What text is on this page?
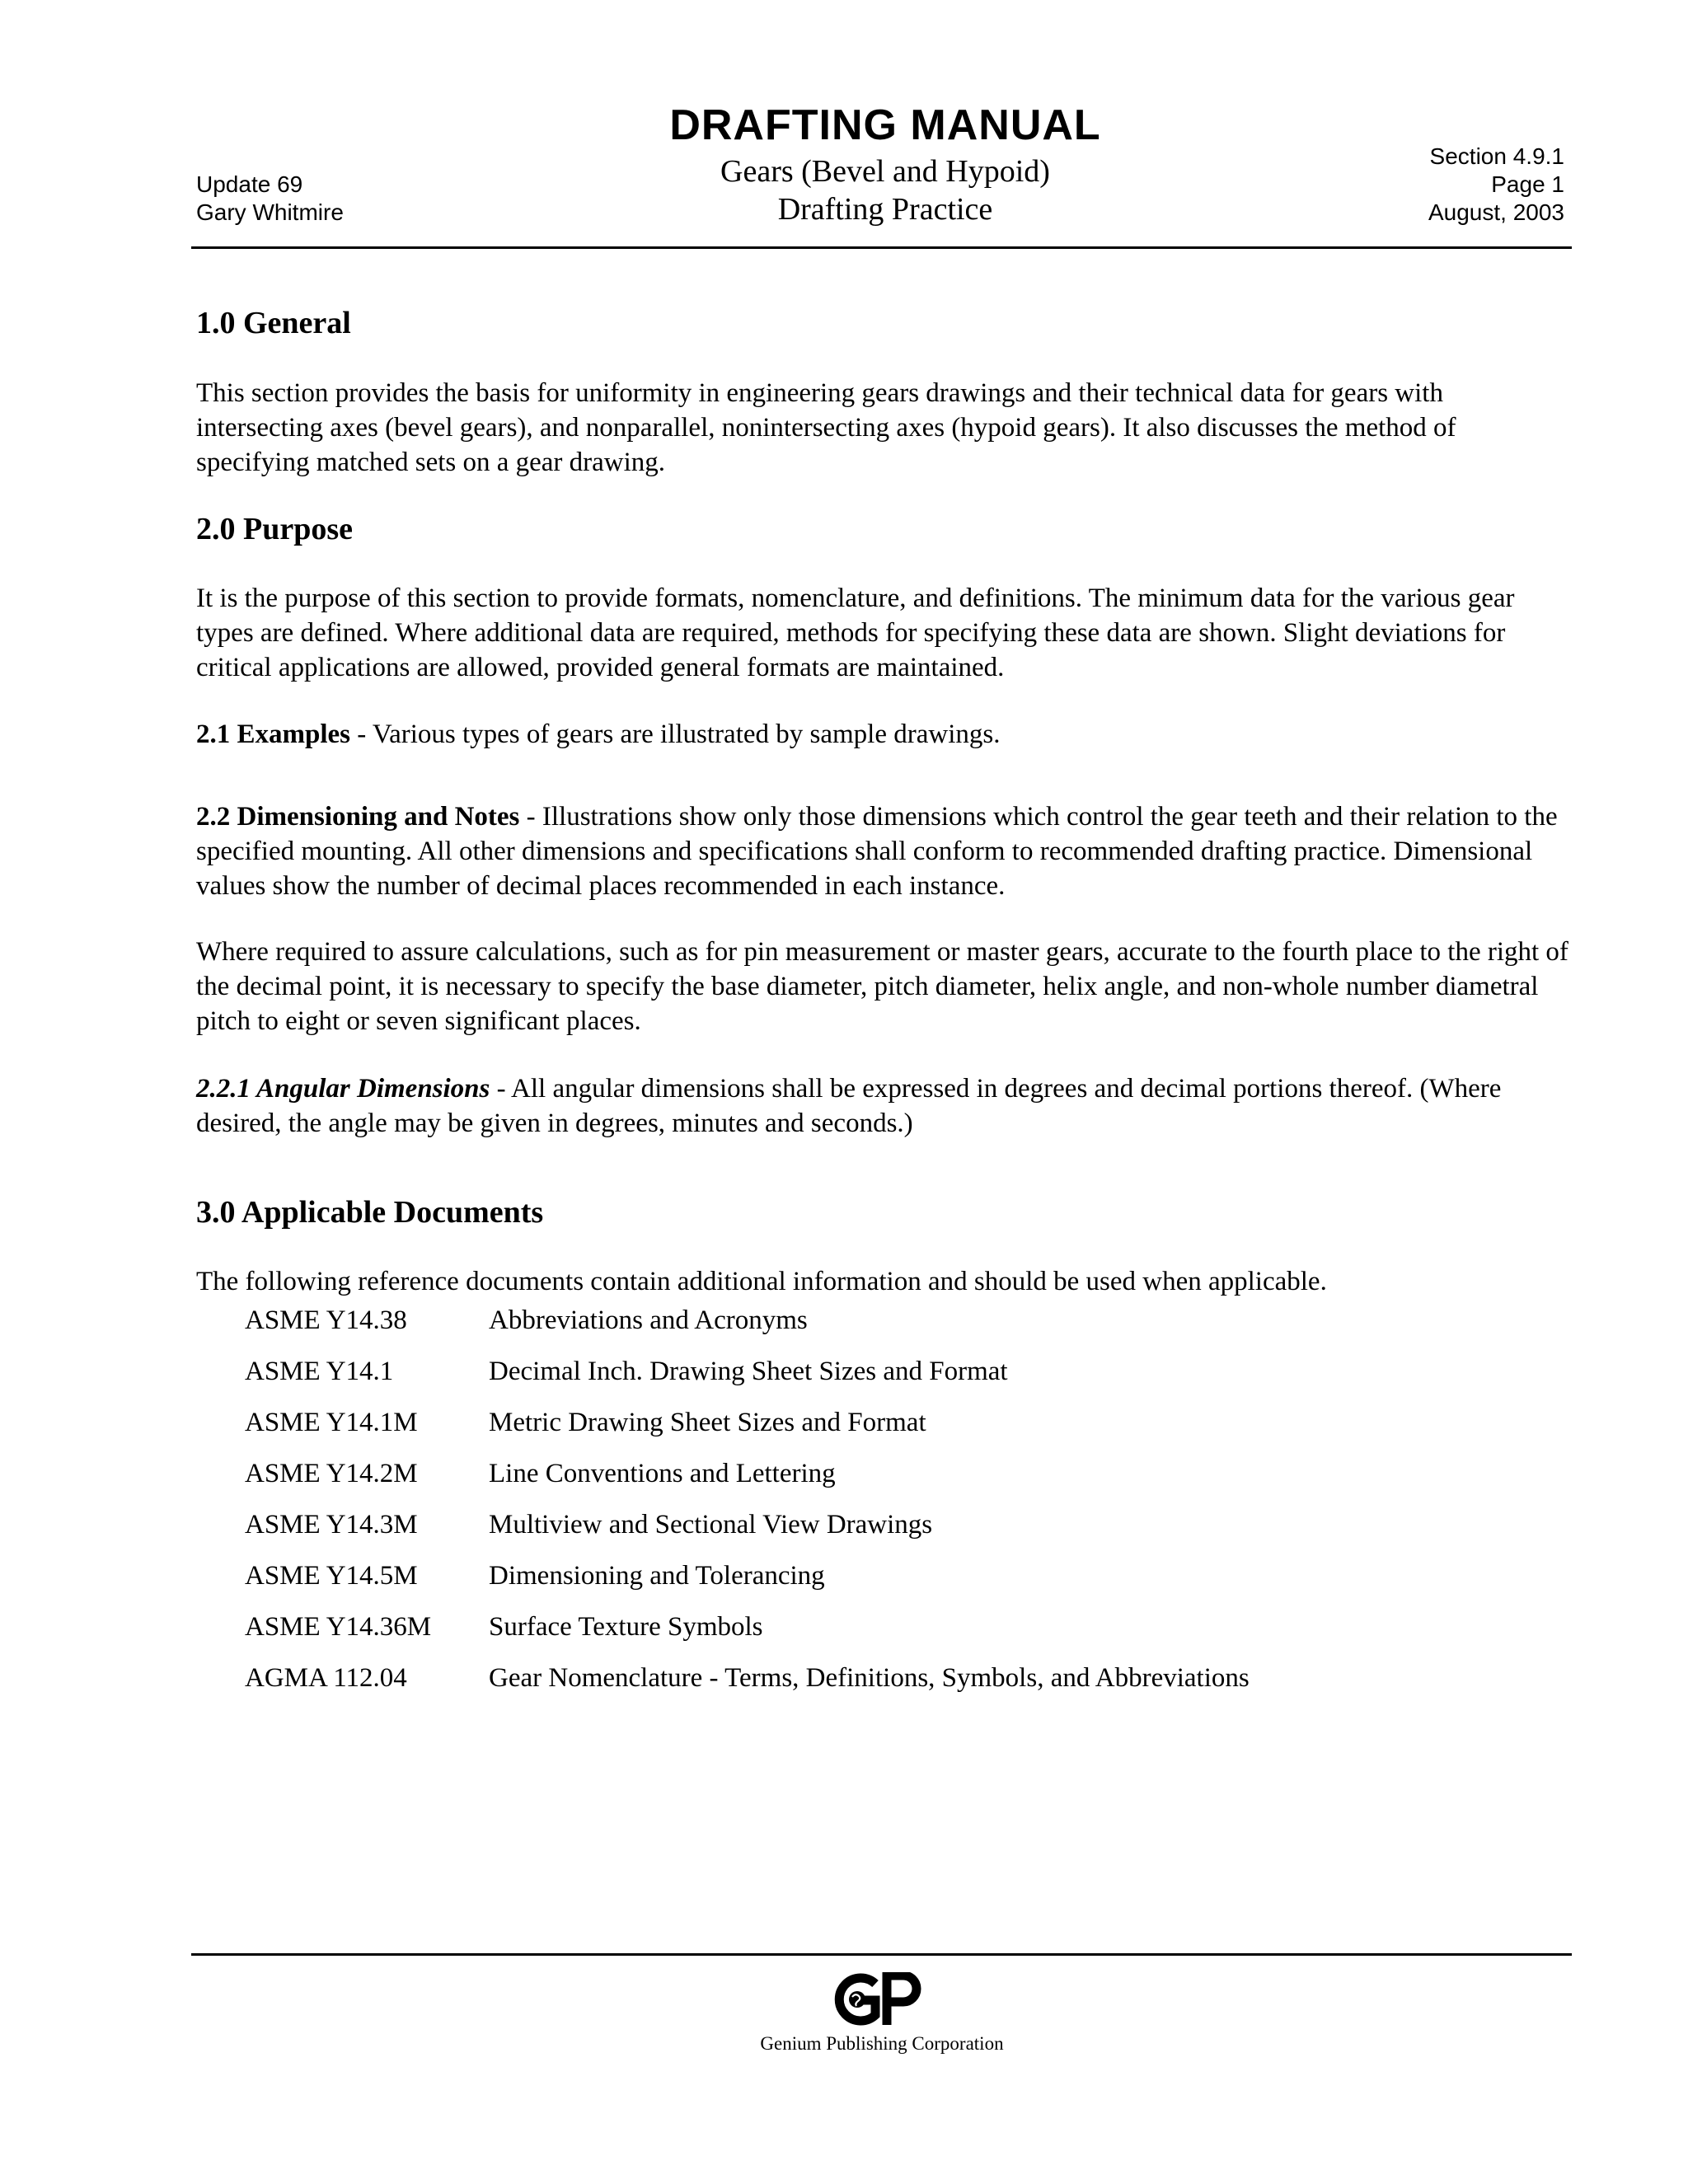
DRAFTING MANUAL
Gears (Bevel and Hypoid)
Drafting Practice
Update 69
Gary Whitmire
Section 4.9.1
Page 1
August, 2003
1.0 General
This section provides the basis for uniformity in engineering gears drawings and their technical data for gears with intersecting axes (bevel gears), and nonparallel, nonintersecting axes (hypoid gears). It also discusses the method of specifying matched sets on a gear drawing.
2.0 Purpose
It is the purpose of this section to provide formats, nomenclature, and definitions. The minimum data for the various gear types are defined. Where additional data are required, methods for specifying these data are shown. Slight deviations for critical applications are allowed, provided general formats are maintained.
2.1 Examples - Various types of gears are illustrated by sample drawings.
2.2 Dimensioning and Notes - Illustrations show only those dimensions which control the gear teeth and their relation to the specified mounting. All other dimensions and specifications shall conform to recommended drafting practice. Dimensional values show the number of decimal places recommended in each instance.
Where required to assure calculations, such as for pin measurement or master gears, accurate to the fourth place to the right of the decimal point, it is necessary to specify the base diameter, pitch diameter, helix angle, and non-whole number diametral pitch to eight or seven significant places.
2.2.1 Angular Dimensions - All angular dimensions shall be expressed in degrees and decimal portions thereof. (Where desired, the angle may be given in degrees, minutes and seconds.)
3.0 Applicable Documents
The following reference documents contain additional information and should be used when applicable.
ASME Y14.38	Abbreviations and Acronyms
ASME Y14.1	Decimal Inch. Drawing Sheet Sizes and Format
ASME Y14.1M	Metric Drawing Sheet Sizes and Format
ASME Y14.2M	Line Conventions and Lettering
ASME Y14.3M	Multiview and Sectional View Drawings
ASME Y14.5M	Dimensioning and Tolerancing
ASME Y14.36M	Surface Texture Symbols
AGMA 112.04	Gear Nomenclature - Terms, Definitions, Symbols, and Abbreviations
Genium Publishing Corporation
